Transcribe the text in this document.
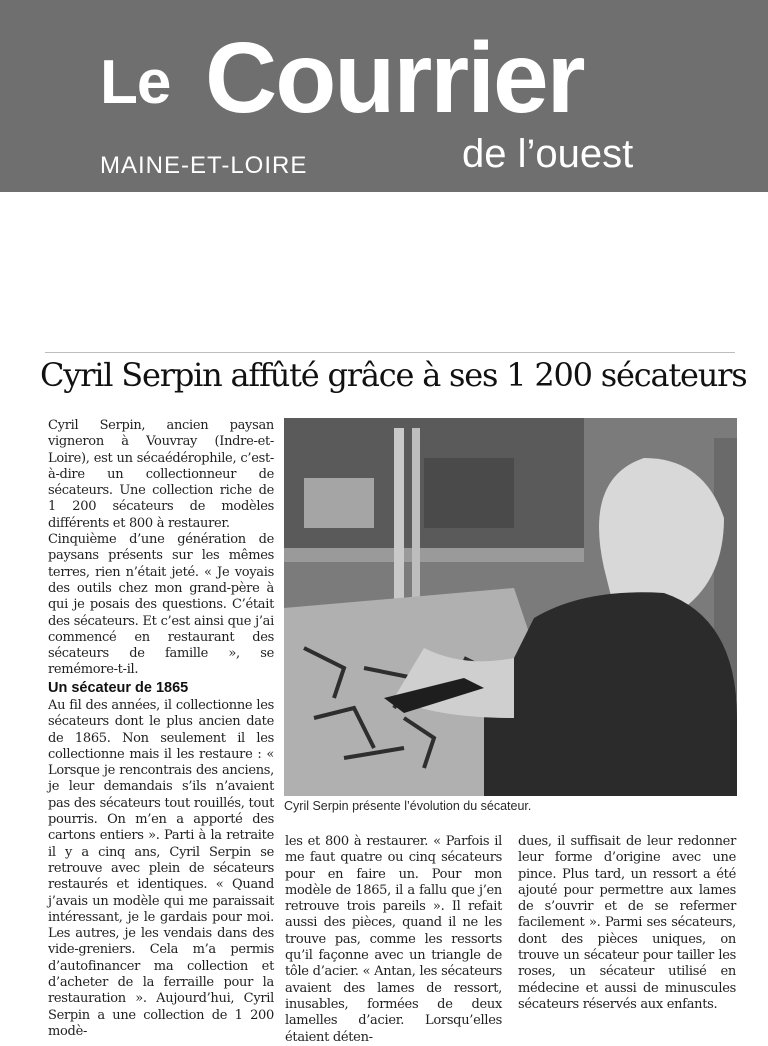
Le Courrier
MAINE-ET-LOIRE	de l’ouest
Cyril Serpin affûté grâce à ses 1 200 sécateurs
Cyril Serpin, ancien paysan vigneron à Vouvray (Indre-et-Loire), est un sécaédérophile, c’est-à-dire un collectionneur de sécateurs. Une collection riche de 1 200 sécateurs de modèles différents et 800 à restaurer.
Cinquième d’une génération de paysans présents sur les mêmes terres, rien n’était jeté. « Je voyais des outils chez mon grand-père à qui je posais des questions. C’était des sécateurs. Et c’est ainsi que j’ai commencé en restaurant des sécateurs de famille », se remémore-t-il.
Un sécateur de 1865
Au fil des années, il collectionne les sécateurs dont le plus ancien date de 1865. Non seulement il les collectionne mais il les restaure : « Lorsque je rencontrais des anciens, je leur demandais s’ils n’avaient pas des sécateurs tout rouillés, tout pourris. On m’en a apporté des cartons entiers ». Parti à la retraite il y a cinq ans, Cyril Serpin se retrouve avec plein de sécateurs restaurés et identiques. « Quand j’avais un modèle qui me paraissait intéressant, je le gardais pour moi. Les autres, je les vendais dans des vide-greniers. Cela m’a permis d’autofinancer ma collection et d’acheter de la ferraille pour la restauration ». Aujourd’hui, Cyril Serpin a une collection de 1 200 modè-
Cyril Serpin présente l’évolution du sécateur.
les et 800 à restaurer. « Parfois il me faut quatre ou cinq sécateurs pour en faire un. Pour mon modèle de 1865, il a fallu que j’en retrouve trois pareils ». Il refait aussi des pièces, quand il ne les trouve pas, comme les ressorts qu’il façonne avec un triangle de tôle d’acier. « Antan, les sécateurs avaient des lames de ressort, inusables, formées de deux lamelles d’acier. Lorsqu’elles étaient déten-
dues, il suffisait de leur redonner leur forme d’origine avec une pince. Plus tard, un ressort a été ajouté pour permettre aux lames de s’ouvrir et de se refermer facilement ». Parmi ses sécateurs, dont des pièces uniques, on trouve un sécateur pour tailler les roses, un sécateur utilisé en médecine et aussi de minuscules sécateurs réservés aux enfants.
